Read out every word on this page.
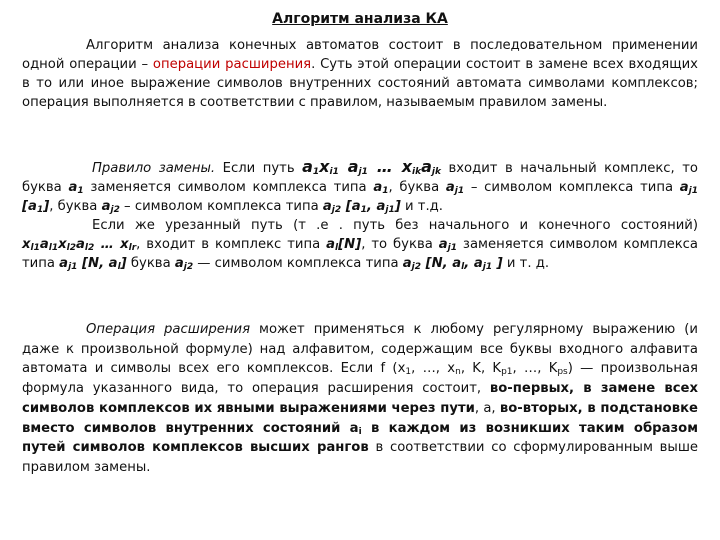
Алгоритм анализа КА

Алгоритм анализа конечных автоматов состоит в последовательном применении одной операции – операции расширения. Суть этой операции состоит в замене всех входящих в то или иное выражение символов внутренних состояний автомата символами комплексов; операция выполняется в соответствии с правилом, называемым правилом замены.

Правило замены. Если путь $a_1x_{i1}$ $a_{j1}$ … $x_{ik}a_{jk}$ входит в начальный комплекс, то буква $a_1$ заменяется символом комплекса типа $a_1$, буква $a_{j1}$ – символом комплекса типа $a_{j1}$ $[a_1]$, буква $a_{j2}$ – символом комплекса типа $a_{j2}$ [$a_1$, $a_{j1}$] и т.д.
Если же урезанный путь (т .е . путь без начального и конечного состояний) $x_{l1}a_{l1}x_{l2}a_{l2}$ … $x_{lr}$, входит в комплекс типа $a_l[N]$, то буква $a_{j1}$ заменяется символом комплекса типа $a_{j1}$ [N, $a_l$] буква $a_{j2}$ — символом комплекса типа $a_{j2}$ [N, $a_l$, $a_{j1}$ ] и т. д.

Операция расширения может применяться к любому регулярному выражению (и даже к произвольной формуле) над алфавитом, содержащим все буквы входного алфавита автомата и символы всех его комплексов. Если f ($x_1$, …, $x_n$, K, $K_{p1}$, …, $K_{ps}$) — произвольная формула указанного вида, то операция расширения состоит, во-первых, в замене всех символов комплексов их явными выражениями через пути, а, во-вторых, в подстановке вместо символов внутренних состояний $a_i$ в каждом из возникших таким образом путей символов комплексов высших рангов в соответствии со сформулированным выше правилом замены.
